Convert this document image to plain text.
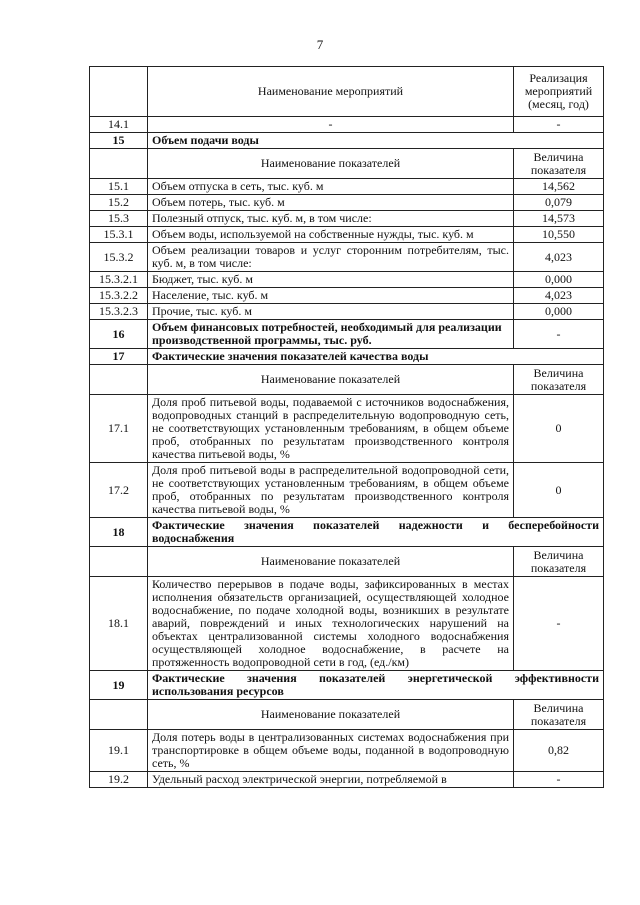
7
	Наименование мероприятий	Реализация мероприятий (месяц, год)
14.1	-	-
15	Объем подачи воды	
	Наименование показателей	Величина показателя
15.1	Объем отпуска в сеть, тыс. куб. м	14,562
15.2	Объем потерь, тыс. куб. м	0,079
15.3	Полезный отпуск, тыс. куб. м, в том числе:	14,573
15.3.1	Объем воды, используемой на собственные нужды, тыс. куб. м	10,550
15.3.2	Объем реализации товаров и услуг сторонним потребителям, тыс. куб. м, в том числе:	4,023
15.3.2.1	Бюджет, тыс. куб. м	0,000
15.3.2.2	Население, тыс. куб. м	4,023
15.3.2.3	Прочие, тыс. куб. м	0,000
16	Объем финансовых потребностей, необходимый для реализации производственной программы, тыс. руб.	-
17	Фактические значения показателей качества воды	
	Наименование показателей	Величина показателя
17.1	Доля проб питьевой воды, подаваемой с источников водоснабжения, водопроводных станций в распределительную водопроводную сеть, не соответствующих установленным требованиям, в общем объеме проб, отобранных по результатам производственного контроля качества питьевой воды, %	0
17.2	Доля проб питьевой воды в распределительной водопроводной сети, не соответствующих установленным требованиям, в общем объеме проб, отобранных по результатам производственного контроля качества питьевой воды, %	0
18	Фактические значения показателей надежности и бесперебойности водоснабжения	
	Наименование показателей	Величина показателя
18.1	Количество перерывов в подаче воды, зафиксированных в местах исполнения обязательств организацией, осуществляющей холодное водоснабжение, по подаче холодной воды, возникших в результате аварий, повреждений и иных технологических нарушений на объектах централизованной системы холодного водоснабжения осуществляющей холодное водоснабжение, в расчете на протяженность водопроводной сети в год, (ед./км)	-
19	Фактические значения показателей энергетической эффективности использования ресурсов	
	Наименование показателей	Величина показателя
19.1	Доля потерь воды в централизованных системах водоснабжения при транспортировке в общем объеме воды, поданной в водопроводную сеть, %	0,82
19.2	Удельный расход электрической энергии, потребляемой в	-
